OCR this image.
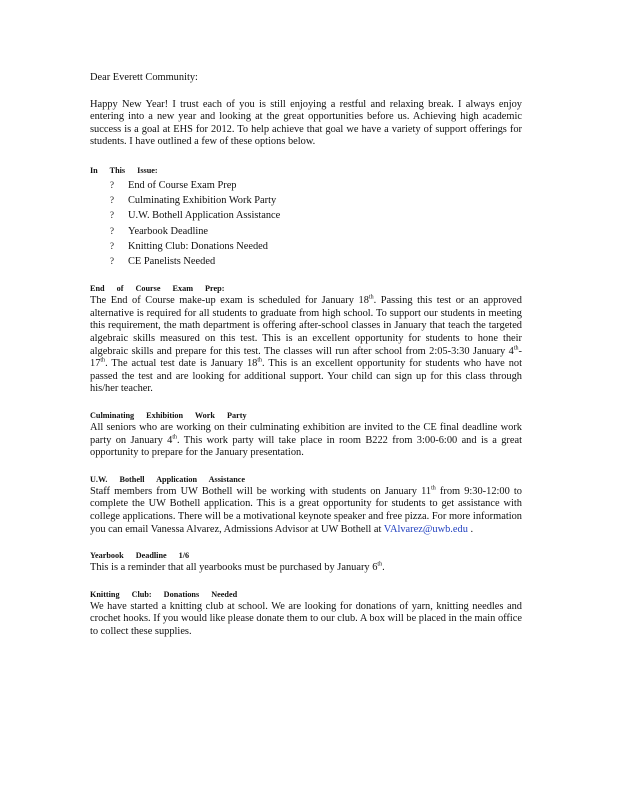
Dear Everett Community:

Happy New Year! I trust each of you is still enjoying a restful and relaxing break. I always enjoy entering into a new year and looking at the great opportunities before us. Achieving high academic success is a goal at EHS for 2012. To help achieve that goal we have a variety of support offerings for students. I have outlined a few of these options below.

In This Issue:
?	End of Course Exam Prep
?	Culminating Exhibition Work Party
?	U.W. Bothell Application Assistance
?	Yearbook Deadline
?	Knitting Club: Donations Needed
?	CE Panelists Needed
End of Course Exam Prep:

The End of Course make-up exam is scheduled for January 18th. Passing this test or an approved alternative is required for all students to graduate from high school. To support our students in meeting this requirement, the math department is offering after-school classes in January that teach the targeted algebraic skills measured on this test. This is an excellent opportunity for students to hone their algebraic skills and prepare for this test. The classes will run after school from 2:05-3:30 January 4th-17th. The actual test date is January 18th. This is an excellent opportunity for students who have not passed the test and are looking for additional support. Your child can sign up for this class through his/her teacher.

Culminating Exhibition Work Party

All seniors who are working on their culminating exhibition are invited to the CE final deadline work party on January 4th. This work party will take place in room B222 from 3:00-6:00 and is a great opportunity to prepare for the January presentation.

U.W. Bothell Application Assistance

Staff members from UW Bothell will be working with students on January 11th from 9:30-12:00 to complete the UW Bothell application. This is a great opportunity for students to get assistance with college applications. There will be a motivational keynote speaker and free pizza. For more information you can email Vanessa Alvarez, Admissions Advisor at UW Bothell at VAlvarez@uwb.edu .

Yearbook Deadline 1/6

This is a reminder that all yearbooks must be purchased by January 6th.

Knitting Club: Donations Needed

We have started a knitting club at school. We are looking for donations of yarn, knitting needles and crochet hooks. If you would like please donate them to our club. A box will be placed in the main office to collect these supplies.
